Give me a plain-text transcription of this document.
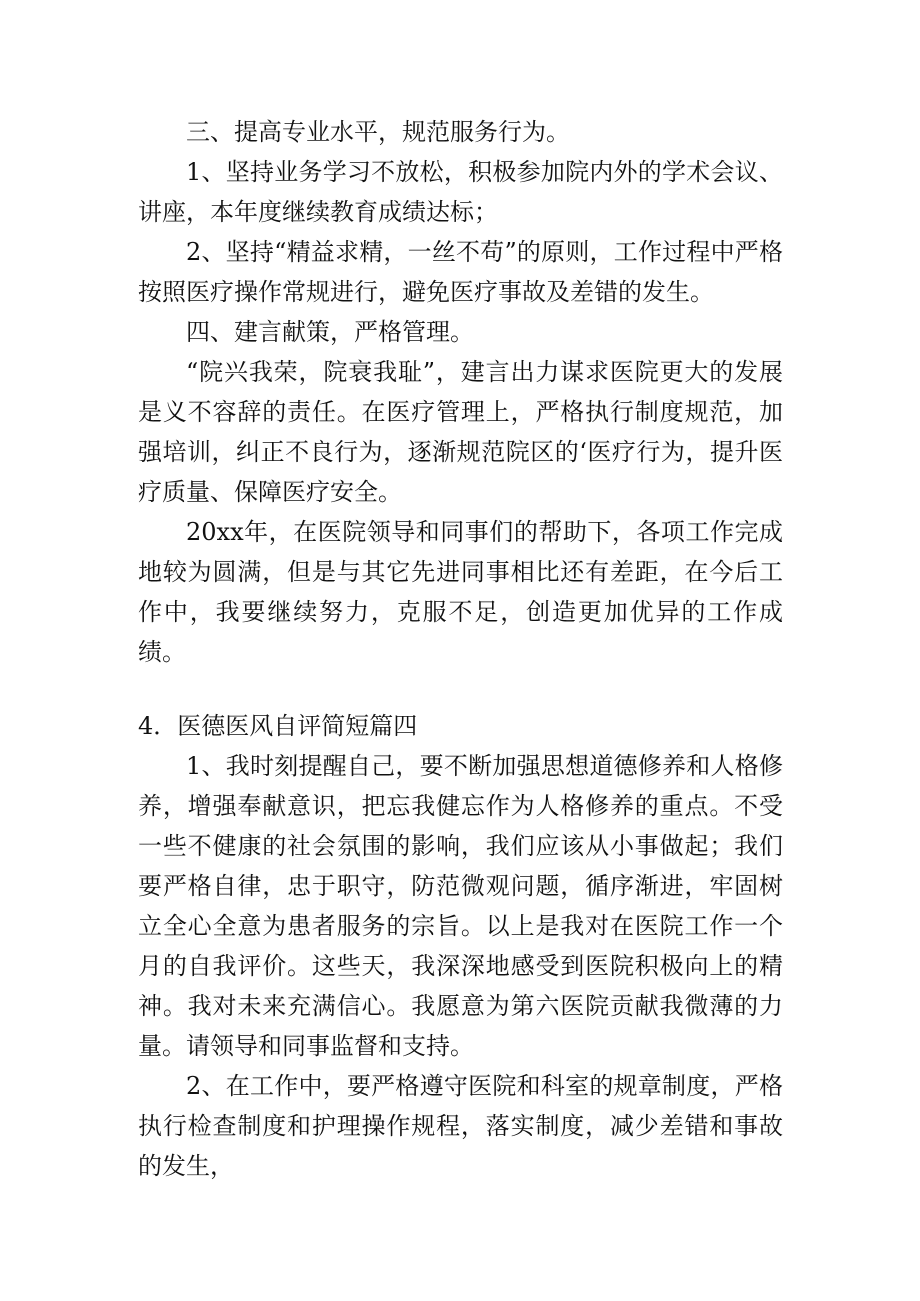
三、提高专业水平，规范服务行为。

1、坚持业务学习不放松，积极参加院内外的学术会议、讲座，本年度继续教育成绩达标；

2、坚持“精益求精，一丝不苟”的原则，工作过程中严格按照医疗操作常规进行，避免医疗事故及差错的发生。

四、建言献策，严格管理。

“院兴我荣，院衰我耻”，建言出力谋求医院更大的发展是义不容辞的责任。在医疗管理上，严格执行制度规范，加强培训，纠正不良行为，逐渐规范院区的‘医疗行为，提升医疗质量、保障医疗安全。

20xx年，在医院领导和同事们的帮助下，各项工作完成地较为圆满，但是与其它先进同事相比还有差距，在今后工作中，我要继续努力，克服不足，创造更加优异的工作成绩。

4．医德医风自评简短篇四

1、我时刻提醒自己，要不断加强思想道德修养和人格修养，增强奉献意识，把忘我健忘作为人格修养的重点。不受一些不健康的社会氛围的影响，我们应该从小事做起；我们要严格自律，忠于职守，防范微观问题，循序渐进，牢固树立全心全意为患者服务的宗旨。以上是我对在医院工作一个月的自我评价。这些天，我深深地感受到医院积极向上的精神。我对未来充满信心。我愿意为第六医院贡献我微薄的力量。请领导和同事监督和支持。

2、在工作中，要严格遵守医院和科室的规章制度，严格执行检查制度和护理操作规程，落实制度，减少差错和事故的发生，
